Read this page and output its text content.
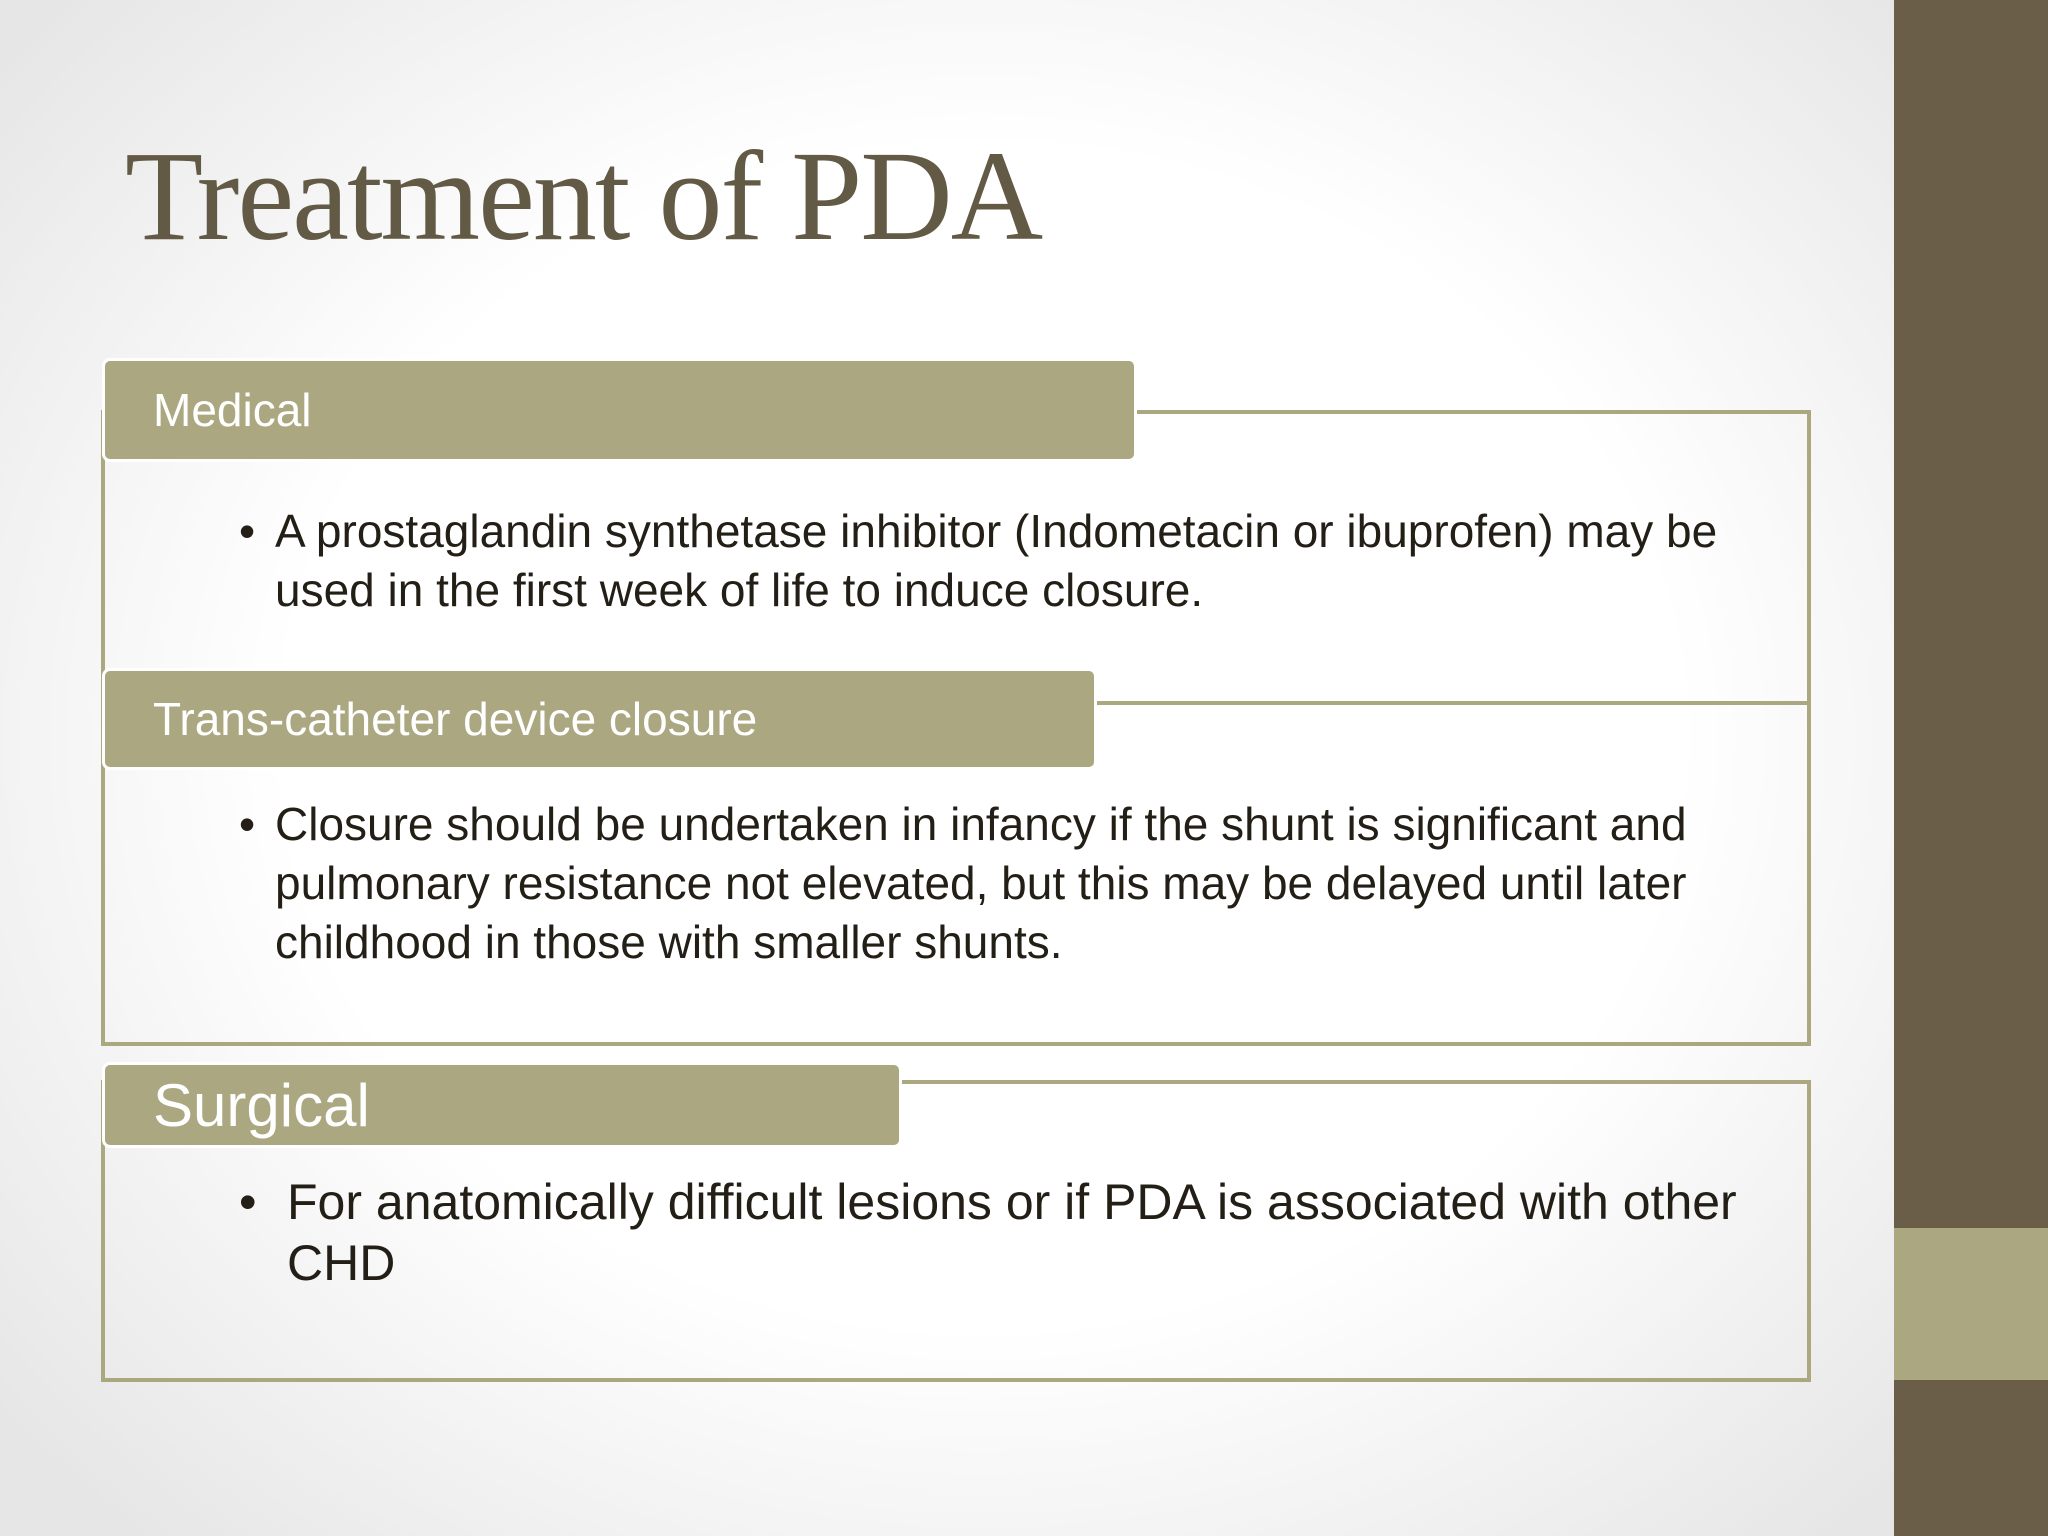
Treatment of PDA
Medical

• A prostaglandin synthetase inhibitor (Indometacin or ibuprofen) may be used in the first week of life to induce closure.

Trans-catheter device closure

• Closure should be undertaken in infancy if the shunt is significant and pulmonary resistance not elevated, but this may be delayed until later childhood in those with smaller shunts.

Surgical

• For anatomically difficult lesions or if PDA is associated with other CHD
